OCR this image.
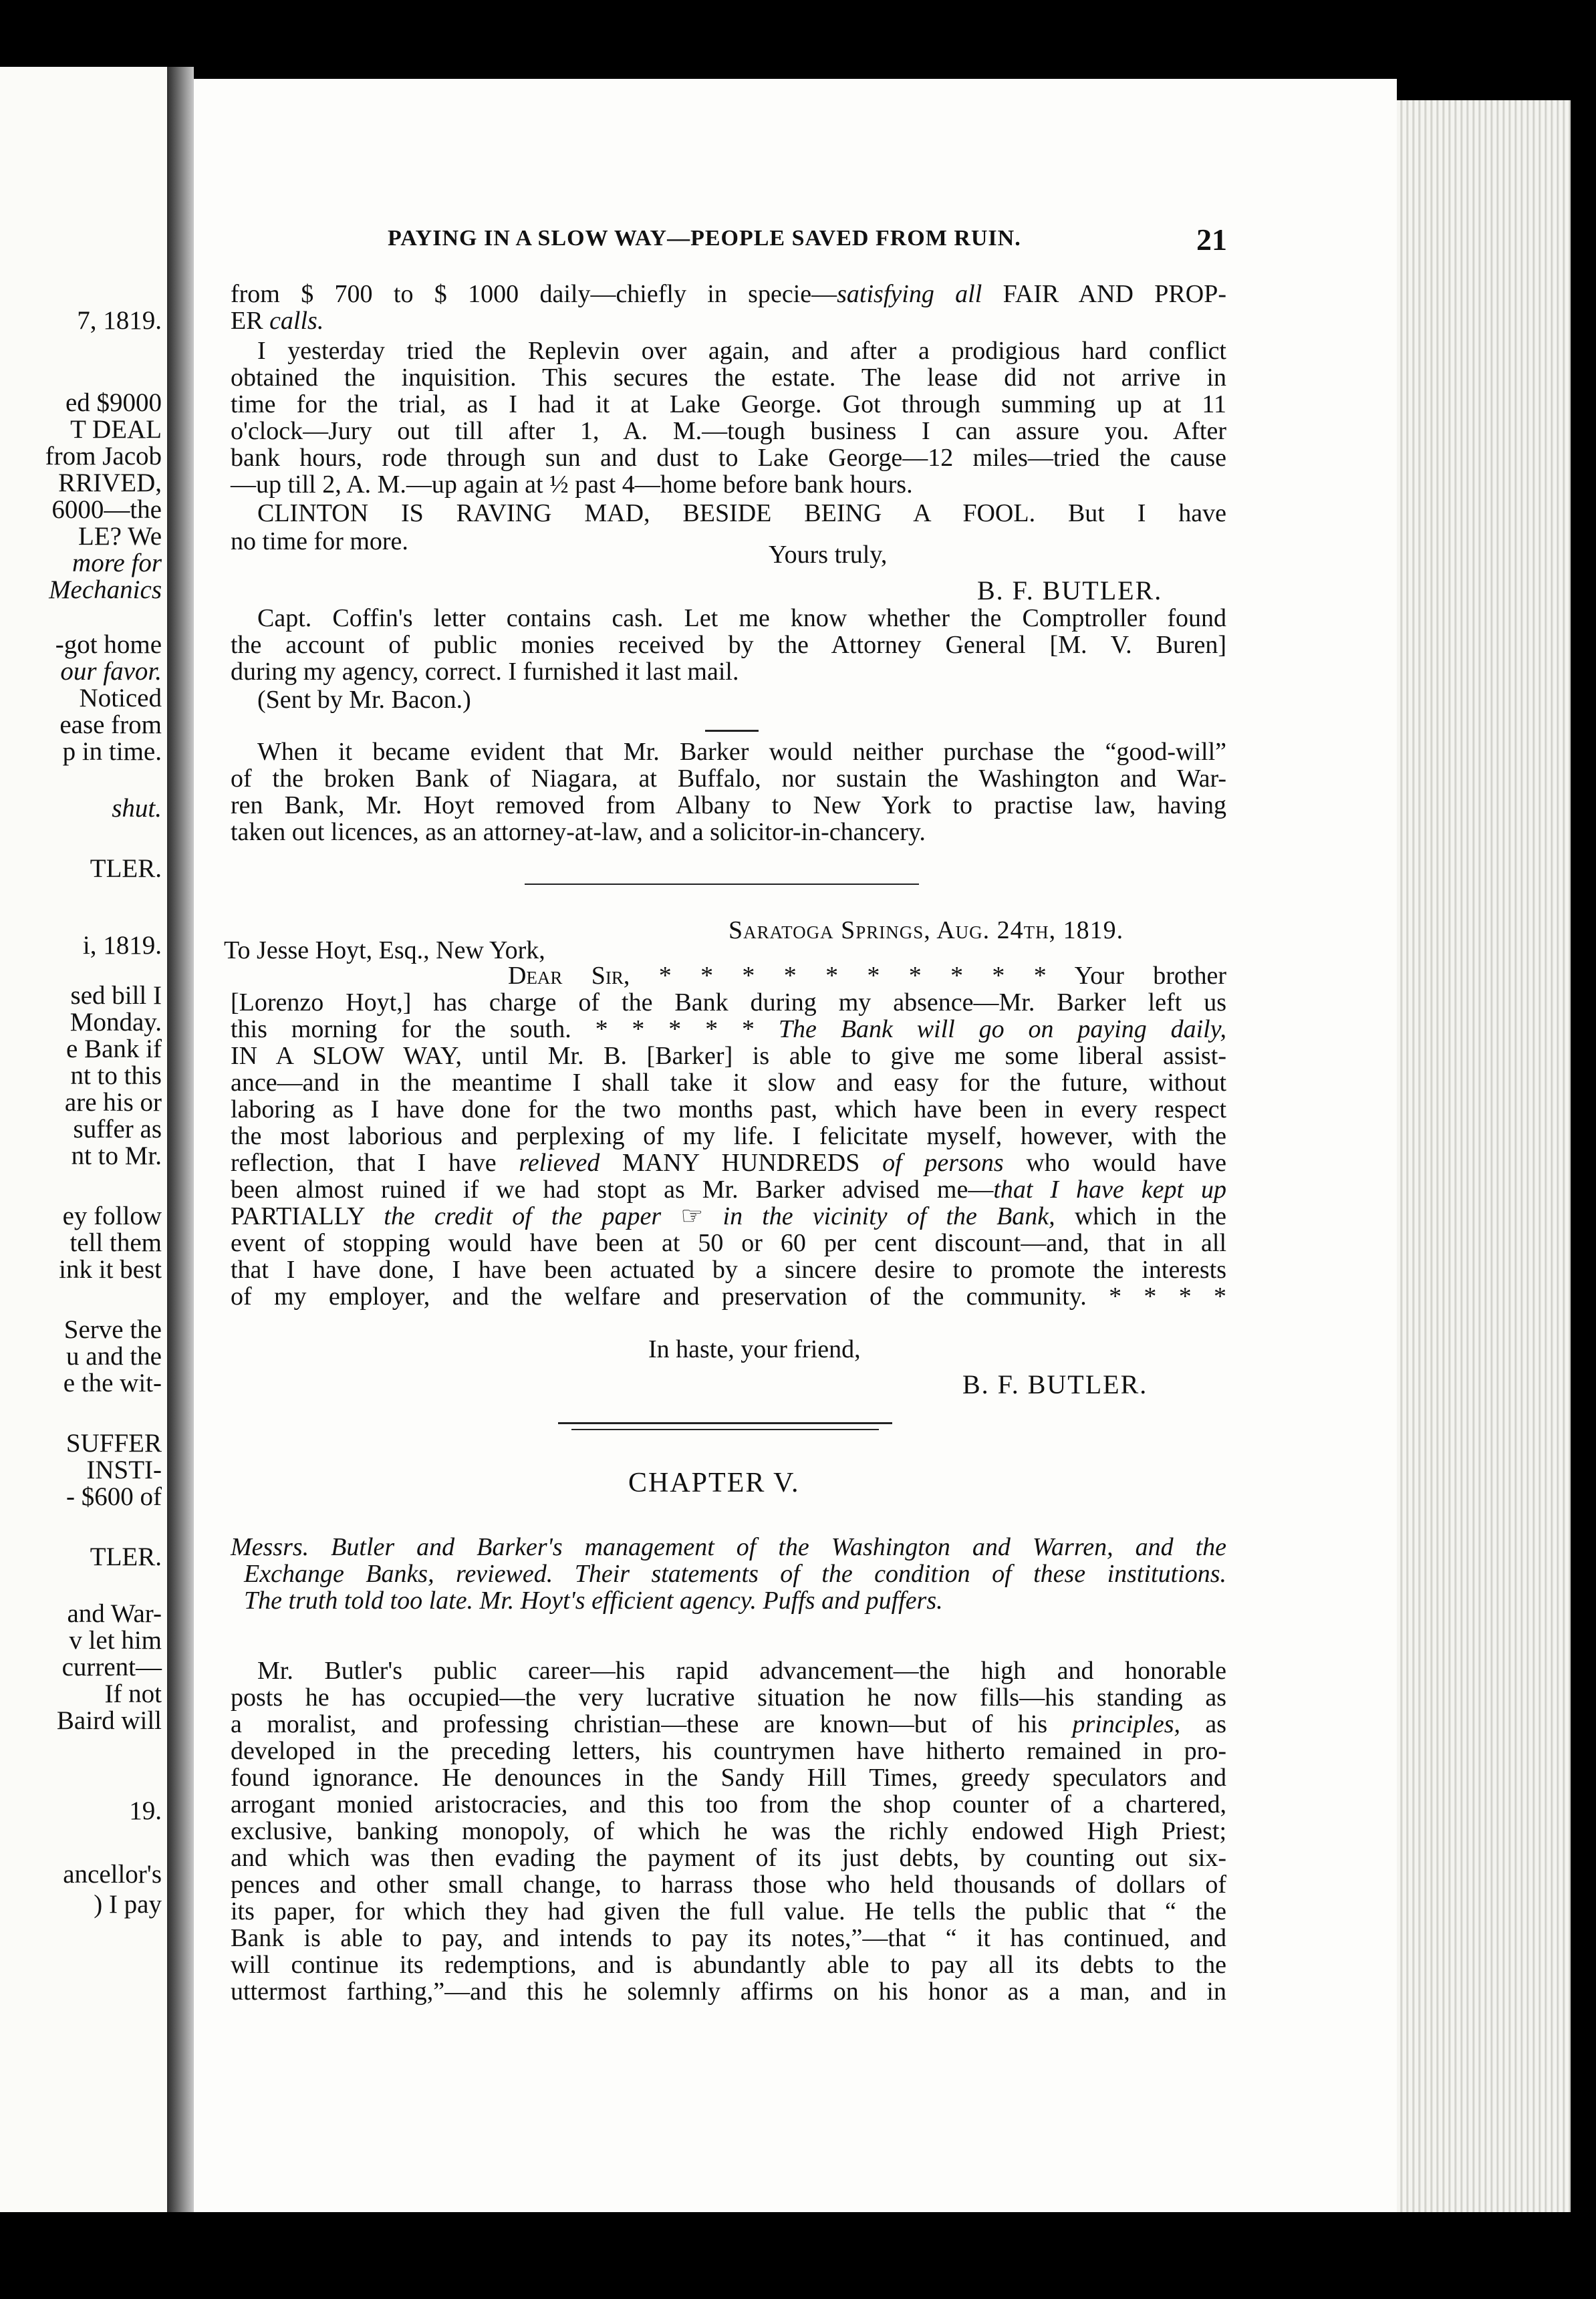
7, 1819.
ed $9000
T DEAL
from Jacob
RRIVED,
6000—the
LE? We
more for
Mechanics
-got home
our favor.
Noticed
ease from
p in time.
shut.
TLER.
i, 1819.
sed bill I
Monday.
e Bank if
nt to this
are his or
suffer as
nt to Mr.
ey follow
tell them
ink it best
Serve the
u and the
e the wit-
SUFFER
INSTI-
- $600 of
TLER.
and War-
v let him
current—
If not
Baird will
19.
ancellor's
) I pay
PAYING IN A SLOW WAY—PEOPLE SAVED FROM RUIN.	21
from $ 700 to $ 1000 daily—chiefly in specie—satisfying all FAIR AND PROP-
ER calls.
I yesterday tried the Replevin over again, and after a prodigious hard conflict
obtained the inquisition. This secures the estate. The lease did not arrive in
time for the trial, as I had it at Lake George. Got through summing up at 11
o'clock—Jury out till after 1, A. M.—tough business I can assure you. After
bank hours, rode through sun and dust to Lake George—12 miles—tried the cause
—up till 2, A. M.—up again at ½ past 4—home before bank hours.
CLINTON IS RAVING MAD, BESIDE BEING A FOOL. But I have
no time for more.	Yours truly,
B. F. BUTLER.
Capt. Coffin's letter contains cash. Let me know whether the Comptroller found
the account of public monies received by the Attorney General [M. V. Buren]
during my agency, correct. I furnished it last mail.
(Sent by Mr. Bacon.)
When it became evident that Mr. Barker would neither purchase the “good-will”
of the broken Bank of Niagara, at Buffalo, nor sustain the Washington and War-
ren Bank, Mr. Hoyt removed from Albany to New York to practise law, having
taken out licences, as an attorney-at-law, and a solicitor-in-chancery.
Saratoga Springs, Aug. 24th, 1819.
To Jesse Hoyt, Esq., New York,
Dear Sir, * * * * * * * * * * Your brother
[Lorenzo Hoyt,] has charge of the Bank during my absence—Mr. Barker left us
this morning for the south. * * * * * The Bank will go on paying daily,
IN A SLOW WAY, until Mr. B. [Barker] is able to give me some liberal assist-
ance—and in the meantime I shall take it slow and easy for the future, without
laboring as I have done for the two months past, which have been in every respect
the most laborious and perplexing of my life. I felicitate myself, however, with the
reflection, that I have relieved MANY HUNDREDS of persons who would have
been almost ruined if we had stopt as Mr. Barker advised me—that I have kept up
PARTIALLY the credit of the paper ☞ in the vicinity of the Bank, which in the
event of stopping would have been at 50 or 60 per cent discount—and, that in all
that I have done, I have been actuated by a sincere desire to promote the interests
of my employer, and the welfare and preservation of the community. * * * *
In haste, your friend,
B. F. BUTLER.
CHAPTER V.
Messrs. Butler and Barker's management of the Washington and Warren, and the
Exchange Banks, reviewed. Their statements of the condition of these institutions.
The truth told too late. Mr. Hoyt's efficient agency. Puffs and puffers.
Mr. Butler's public career—his rapid advancement—the high and honorable
posts he has occupied—the very lucrative situation he now fills—his standing as
a moralist, and professing christian—these are known—but of his principles, as
developed in the preceding letters, his countrymen have hitherto remained in pro-
found ignorance. He denounces in the Sandy Hill Times, greedy speculators and
arrogant monied aristocracies, and this too from the shop counter of a chartered,
exclusive, banking monopoly, of which he was the richly endowed High Priest;
and which was then evading the payment of its just debts, by counting out six-
pences and other small change, to harrass those who held thousands of dollars of
its paper, for which they had given the full value. He tells the public that “ the
Bank is able to pay, and intends to pay its notes,”—that “ it has continued, and
will continue its redemptions, and is abundantly able to pay all its debts to the
uttermost farthing,”—and this he solemnly affirms on his honor as a man, and in
